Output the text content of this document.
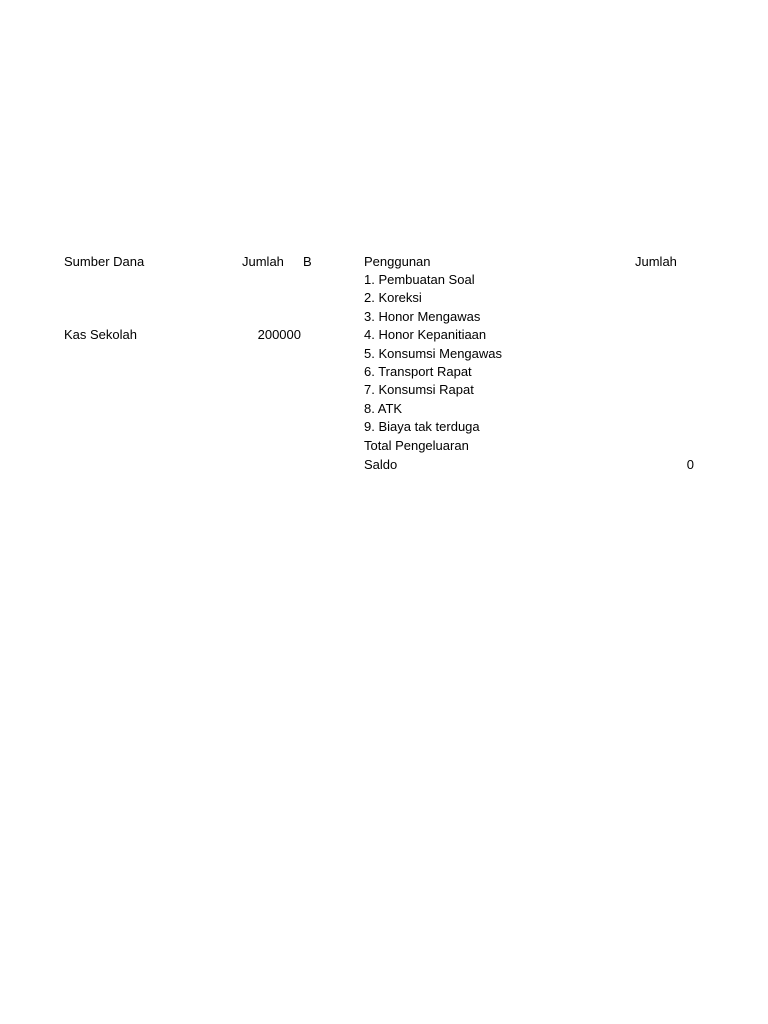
Sumber Dana	Jumlah B
Kas Sekolah	200000
Penggunan	Jumlah
1. Pembuatan Soal
2. Koreksi
3. Honor Mengawas
4. Honor Kepanitiaan
5. Konsumsi Mengawas
6. Transport Rapat
7. Konsumsi Rapat
8. ATK
9. Biaya tak terduga
Total Pengeluaran
Saldo	0
